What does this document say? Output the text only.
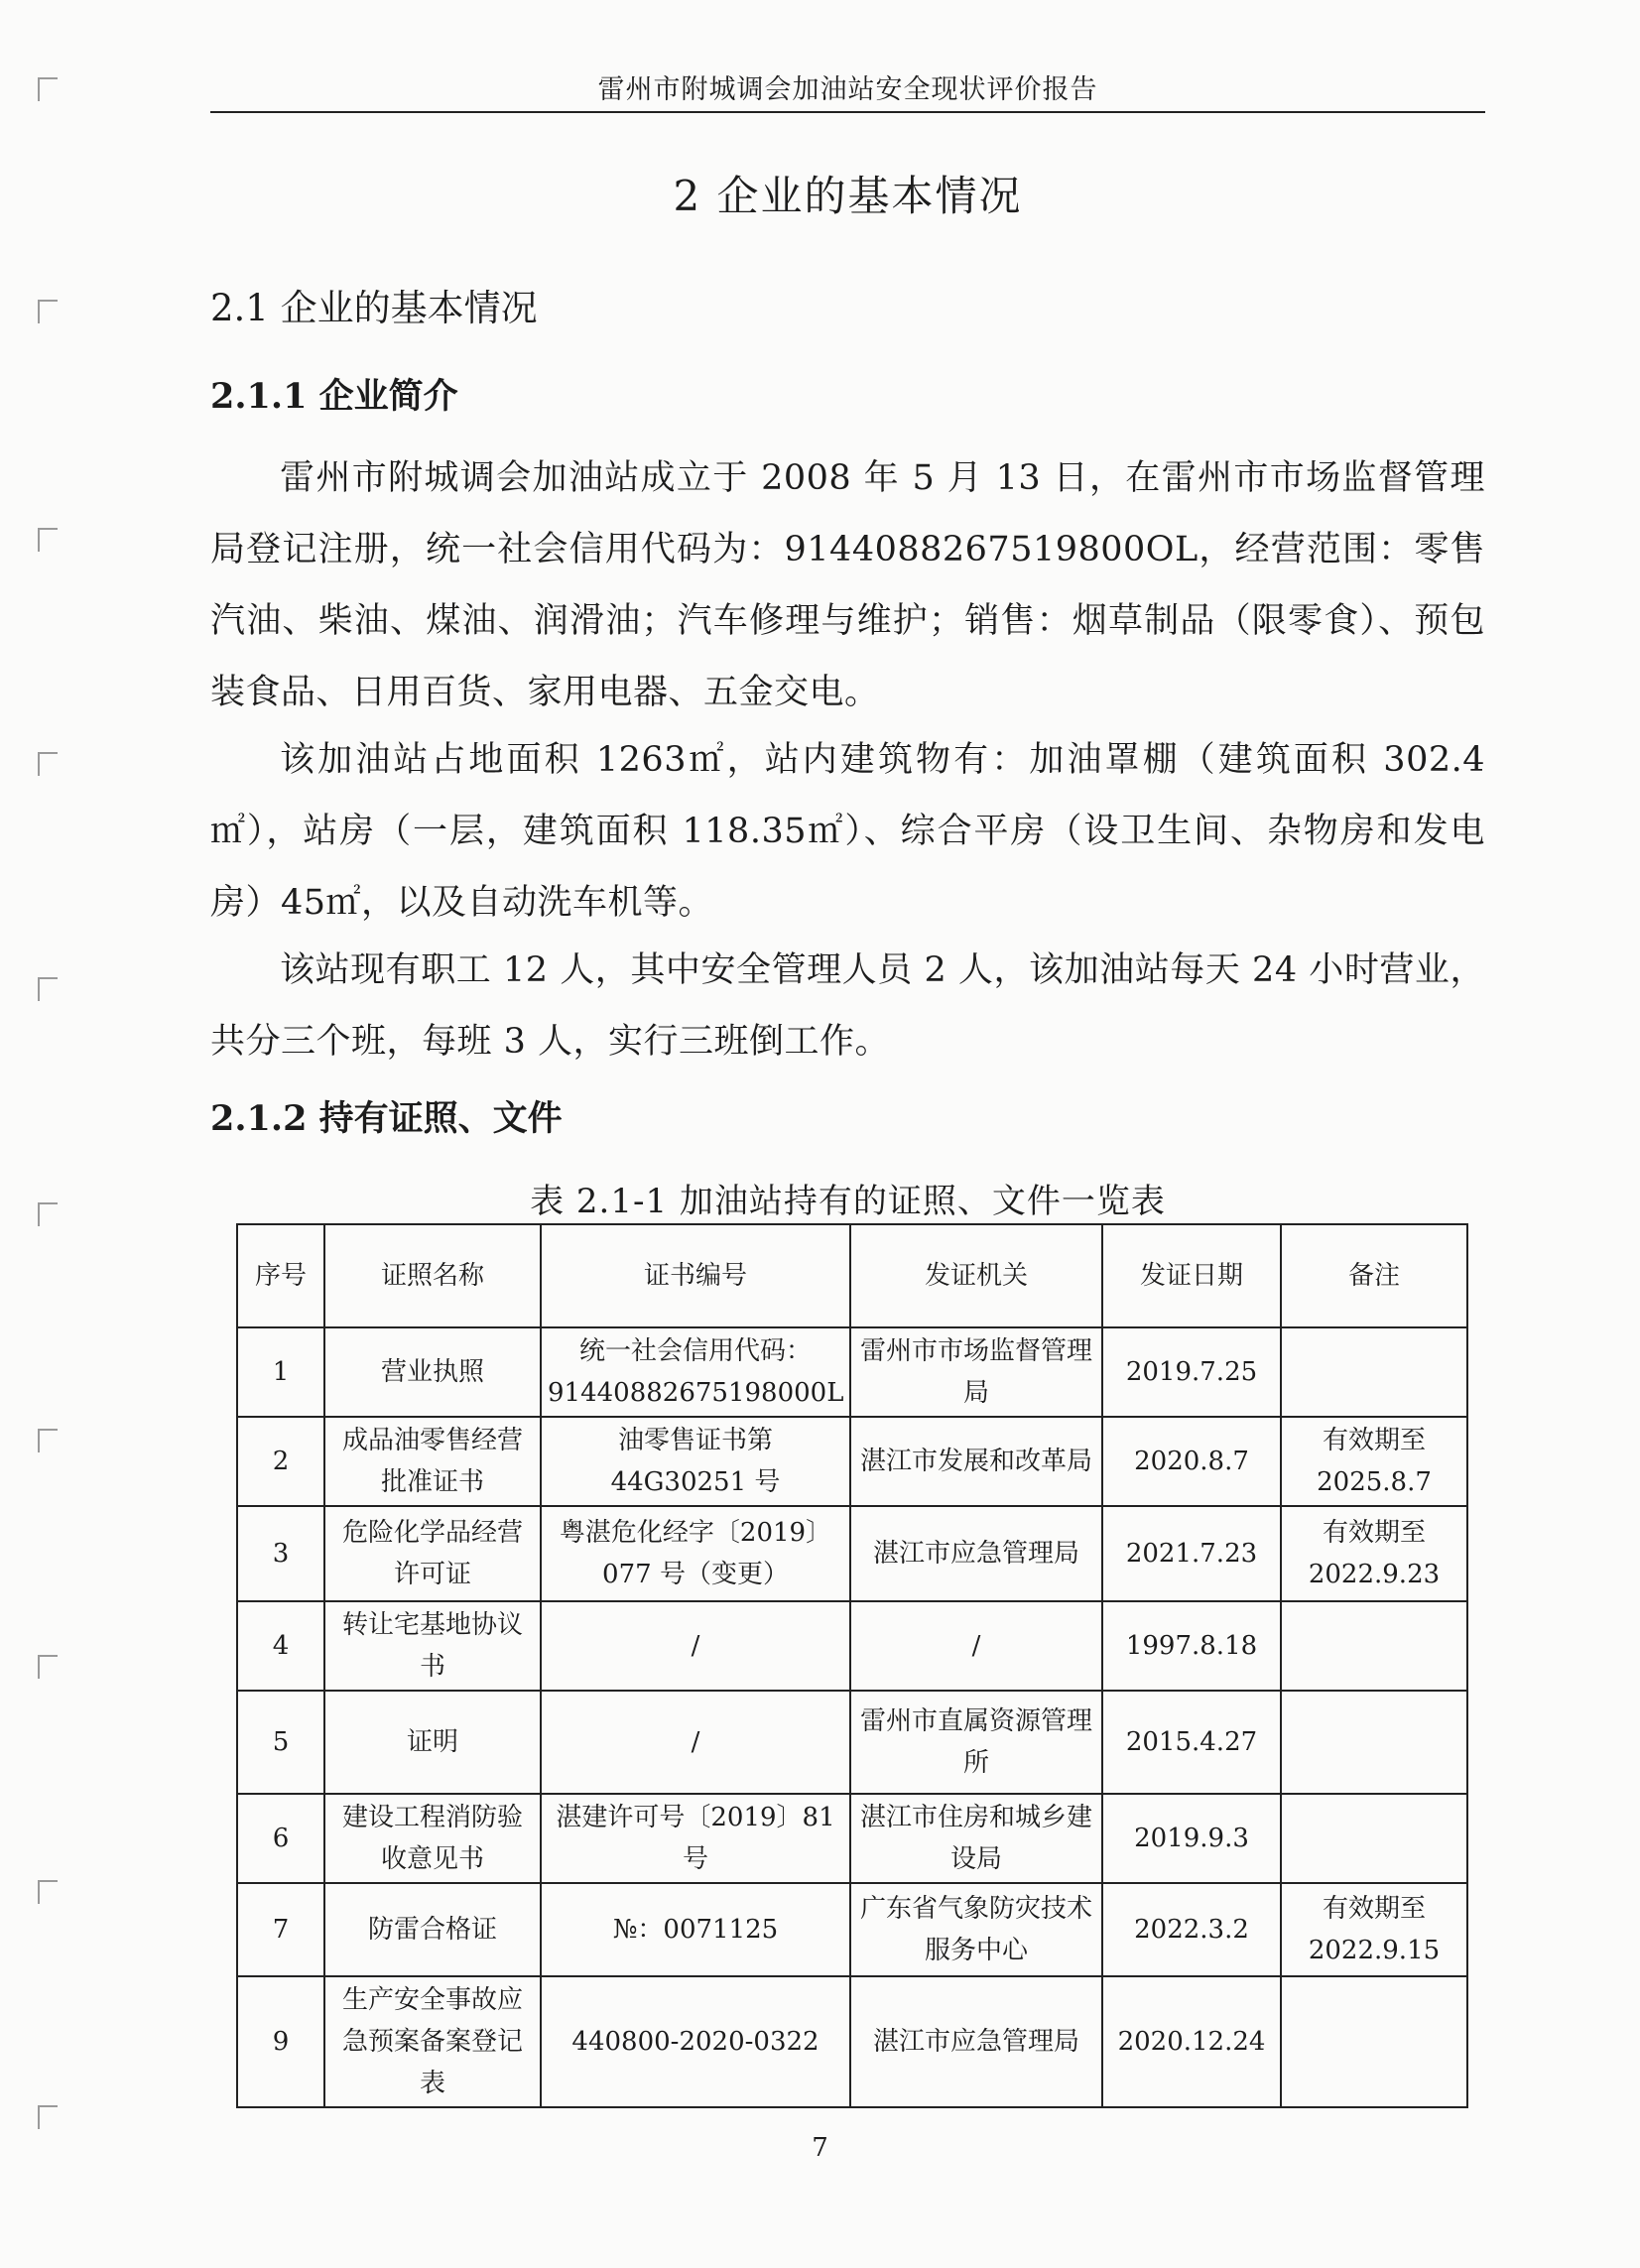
雷州市附城调会加油站安全现状评价报告
2 企业的基本情况
2.1 企业的基本情况
2.1.1 企业简介

雷州市附城调会加油站成立于 2008 年 5 月 13 日，在雷州市市场监督管理局登记注册，统一社会信用代码为：9144088267519800OL，经营范围：零售汽油、柴油、煤油、润滑油；汽车修理与维护；销售：烟草制品（限零食）、预包装食品、日用百货、家用电器、五金交电。

该加油站占地面积 1263㎡，站内建筑物有：加油罩棚（建筑面积 302.4㎡），站房（一层，建筑面积 118.35㎡）、综合平房（设卫生间、杂物房和发电房）45㎡，以及自动洗车机等。

该站现有职工 12 人，其中安全管理人员 2 人，该加油站每天 24 小时营业，共分三个班，每班 3 人，实行三班倒工作。

2.1.2 持有证照、文件
表 2.1-1 加油站持有的证照、文件一览表
序号	证照名称	证书编号	发证机关	发证日期	备注
1	营业执照	统一社会信用代码：91440882675198000L	雷州市市场监督管理局	2019.7.25	
2	成品油零售经营批准证书	油零售证书第 44G30251 号	湛江市发展和改革局	2020.8.7	有效期至 2025.8.7
3	危险化学品经营许可证	粤湛危化经字〔2019〕077 号（变更）	湛江市应急管理局	2021.7.23	有效期至 2022.9.23
4	转让宅基地协议书	/	/	1997.8.18	
5	证明	/	雷州市直属资源管理所	2015.4.27	
6	建设工程消防验收意见书	湛建许可号〔2019〕81 号	湛江市住房和城乡建设局	2019.9.3	
7	防雷合格证	№：0071125	广东省气象防灾技术服务中心	2022.3.2	有效期至 2022.9.15
9	生产安全事故应急预案备案登记表	440800-2020-0322	湛江市应急管理局	2020.12.24	
7
